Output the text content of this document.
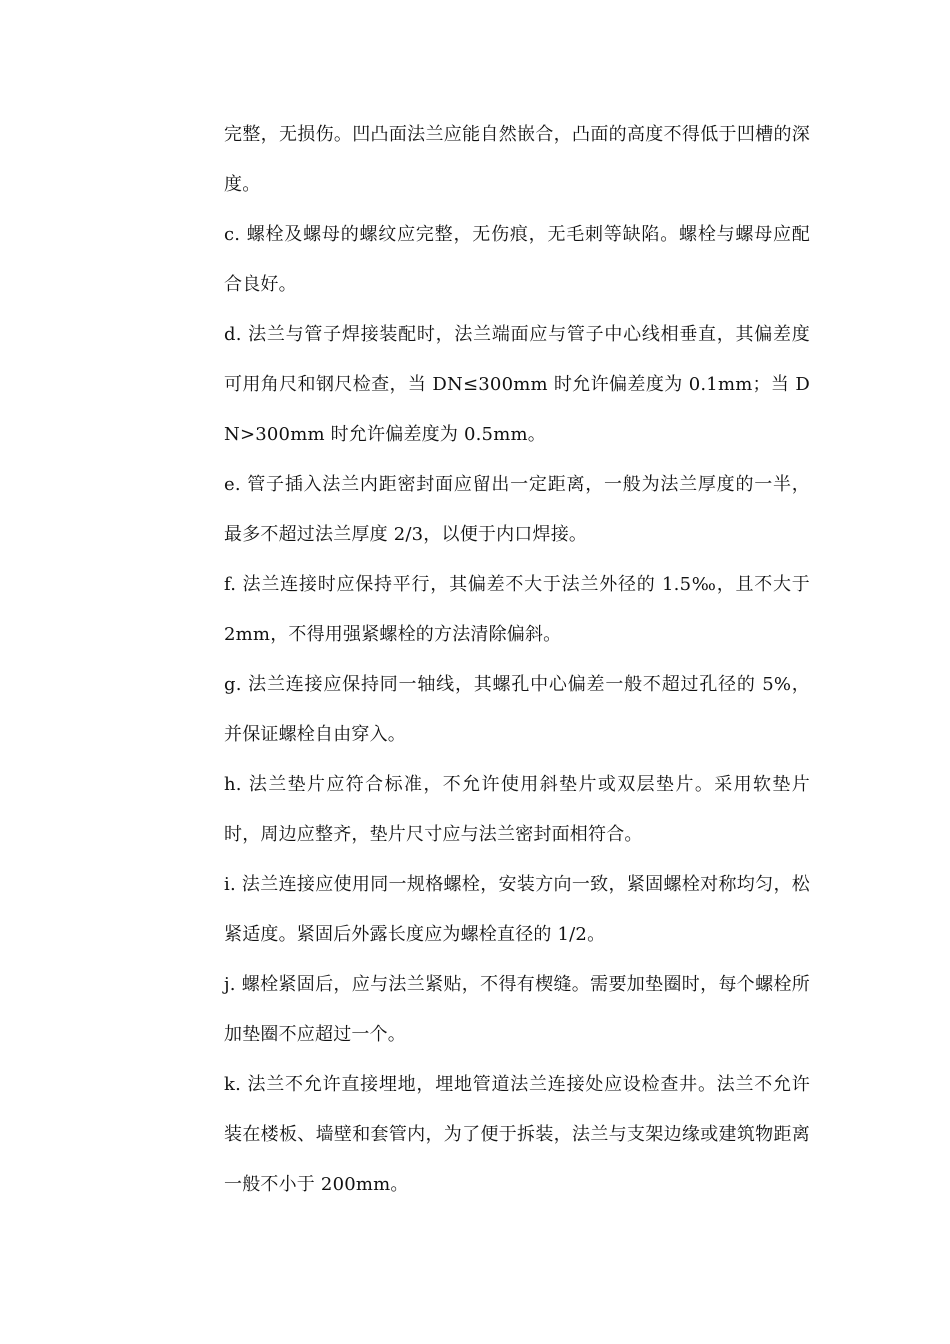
完整，无损伤。凹凸面法兰应能自然嵌合，凸面的高度不得低于凹槽的深度。

c. 螺栓及螺母的螺纹应完整，无伤痕，无毛刺等缺陷。螺栓与螺母应配合良好。

d. 法兰与管子焊接装配时，法兰端面应与管子中心线相垂直，其偏差度可用角尺和钢尺检查，当 DN≤300mm 时允许偏差度为 0.1mm；当 DN>300mm 时允许偏差度为 0.5mm。

e. 管子插入法兰内距密封面应留出一定距离，一般为法兰厚度的一半，最多不超过法兰厚度 2/3，以便于内口焊接。

f. 法兰连接时应保持平行，其偏差不大于法兰外径的 1.5‰，且不大于 2mm，不得用强紧螺栓的方法清除偏斜。

g. 法兰连接应保持同一轴线，其螺孔中心偏差一般不超过孔径的 5%，并保证螺栓自由穿入。

h. 法兰垫片应符合标准，不允许使用斜垫片或双层垫片。采用软垫片时，周边应整齐，垫片尺寸应与法兰密封面相符合。

i. 法兰连接应使用同一规格螺栓，安装方向一致，紧固螺栓对称均匀，松紧适度。紧固后外露长度应为螺栓直径的 1/2。

j. 螺栓紧固后，应与法兰紧贴，不得有楔缝。需要加垫圈时，每个螺栓所加垫圈不应超过一个。

k. 法兰不允许直接埋地，埋地管道法兰连接处应设检查井。法兰不允许装在楼板、墙壁和套管内，为了便于拆装，法兰与支架边缘或建筑物距离一般不小于 200mm。
